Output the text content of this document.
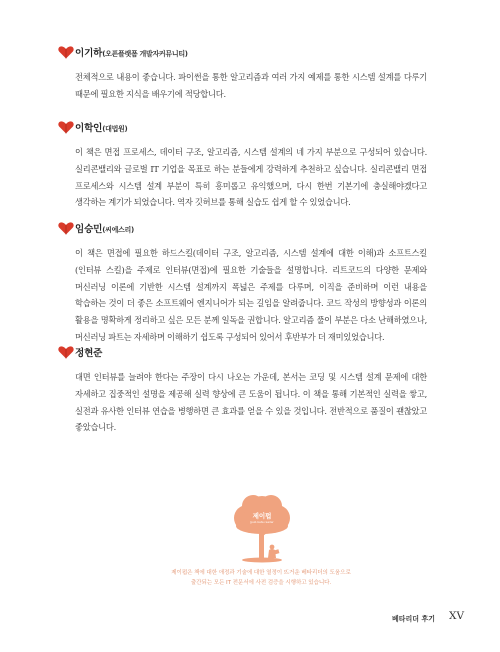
이기하 (오픈플랫폼 개발자커뮤니티)

전체적으로 내용이 좋습니다. 파이썬을 통한 알고리즘과 여러 가지 예제를 통한 시스템 설계를 다루기 때문에 필요한 지식을 배우기에 적당합니다.

이학인 (대법원)

이 책은 면접 프로세스, 데이터 구조, 알고리즘, 시스템 설계의 네 가지 부분으로 구성되어 있습니다. 실리콘밸리와 글로벌 IT 기업을 목표로 하는 분들에게 강력하게 추천하고 싶습니다. 실리콘밸리 면접 프로세스와 시스템 설계 부분이 특히 흥미롭고 유익했으며, 다시 한번 기본기에 충실해야겠다고 생각하는 계기가 되었습니다. 역자 깃허브를 통해 실습도 쉽게 할 수 있었습니다.

임승민 (씨에스리)

이 책은 면접에 필요한 하드스킬(데이터 구조, 알고리즘, 시스템 설계에 대한 이해)과 소프트스킬(인터뷰 스킬)을 주제로 인터뷰(면접)에 필요한 기술들을 설명합니다. 리트코드의 다양한 문제와 머신러닝 이론에 기반한 시스템 설계까지 폭넓은 주제를 다루며, 이직을 준비하며 이런 내용을 학습하는 것이 더 좋은 소프트웨어 엔지니어가 되는 길임을 알려줍니다. 코드 작성의 방향성과 이론의 활용을 명확하게 정리하고 싶은 모든 분께 일독을 권합니다. 알고리즘 풀이 부분은 다소 난해하였으나, 머신러닝 파트는 자세하며 이해하기 쉽도록 구성되어 있어서 후반부가 더 재미있었습니다.

정현준

대면 인터뷰를 늘려야 한다는 주장이 다시 나오는 가운데, 본서는 코딩 및 시스템 설계 문제에 대한 자세하고 집중적인 설명을 제공해 실력 향상에 큰 도움이 됩니다. 이 책을 통해 기본적인 실력을 쌓고, 실전과 유사한 인터뷰 연습을 병행하면 큰 효과를 얻을 수 있을 것입니다. 전반적으로 품질이 괜찮았고 좋았습니다.

제이펍
Jpub beta reader
제이펍은 책에 대한 애정과 기술에 대한 열정이 뜨거운 베타리더의 도움으로
출간되는 모든 IT 전문서에 사전 검증을 시행하고 있습니다.
베타리더 후기 XV
